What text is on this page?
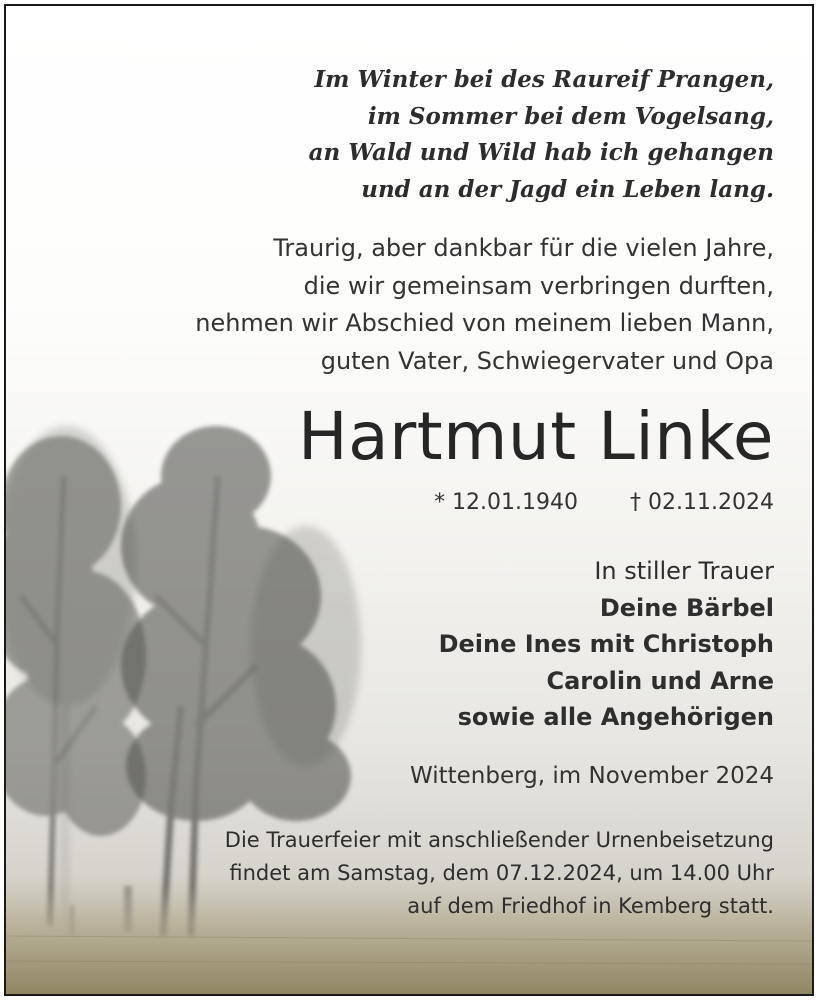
Im Winter bei des Raureif Prangen,
im Sommer bei dem Vogelsang,
an Wald und Wild hab ich gehangen
und an der Jagd ein Leben lang.
Traurig, aber dankbar für die vielen Jahre,
die wir gemeinsam verbringen durften,
nehmen wir Abschied von meinem lieben Mann,
guten Vater, Schwiegervater und Opa
Hartmut Linke
* 12.01.1940 † 02.11.2024
In stiller Trauer
Deine Bärbel
Deine Ines mit Christoph
Carolin und Arne
sowie alle Angehörigen
Wittenberg, im November 2024
Die Trauerfeier mit anschließender Urnenbeisetzung
findet am Samstag, dem 07.12.2024, um 14.00 Uhr
auf dem Friedhof in Kemberg statt.
